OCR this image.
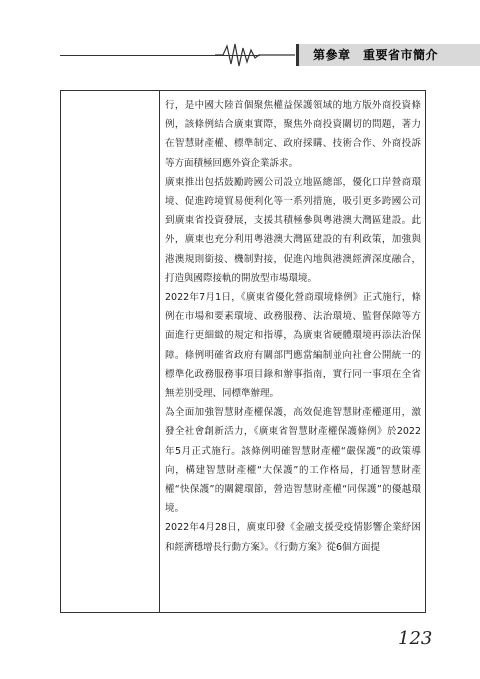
第參章　重要省市簡介

行，是中國大陸首個聚焦權益保護領域的地方版外商投資條例，該條例結合廣東實際，聚焦外商投資關切的問題，著力在智慧財產權、標準制定、政府採購、技術合作、外商投訴等方面積極回應外資企業訴求。

廣東推出包括鼓勵跨國公司設立地區總部，優化口岸營商環境、促進跨境貿易便利化等一系列措施，吸引更多跨國公司到廣東省投資發展，支援其積極參與粵港澳大灣區建設。此外，廣東也充分利用粵港澳大灣區建設的有利政策，加強與港澳規則銜接、機制對接，促進內地與港澳經濟深度融合，打造與國際接軌的開放型市場環境。

2022年7月1日，《廣東省優化營商環境條例》正式施行，條例在市場和要素環境、政務服務、法治環境、監督保障等方面進行更細緻的規定和指導，為廣東省硬體環境再添法治保障。條例明確省政府有關部門應當編制並向社會公開統一的標準化政務服務事項目錄和辦事指南，實行同一事項在全省無差別受理、同標準辦理。

為全面加強智慧財產權保護，高效促進智慧財產權運用，激發全社會創新活力，《廣東省智慧財產權保護條例》於2022年5月正式施行。該條例明確智慧財產權“嚴保護”的政策導向，構建智慧財產權“大保護”的工作格局，打通智慧財產權“快保護”的關鍵環節，營造智慧財產權“同保護”的優越環境。

2022年4月28日，廣東印發《金融支援受疫情影響企業紓困和經濟穩增長行動方案》。《行動方案》從6個方面提

123
